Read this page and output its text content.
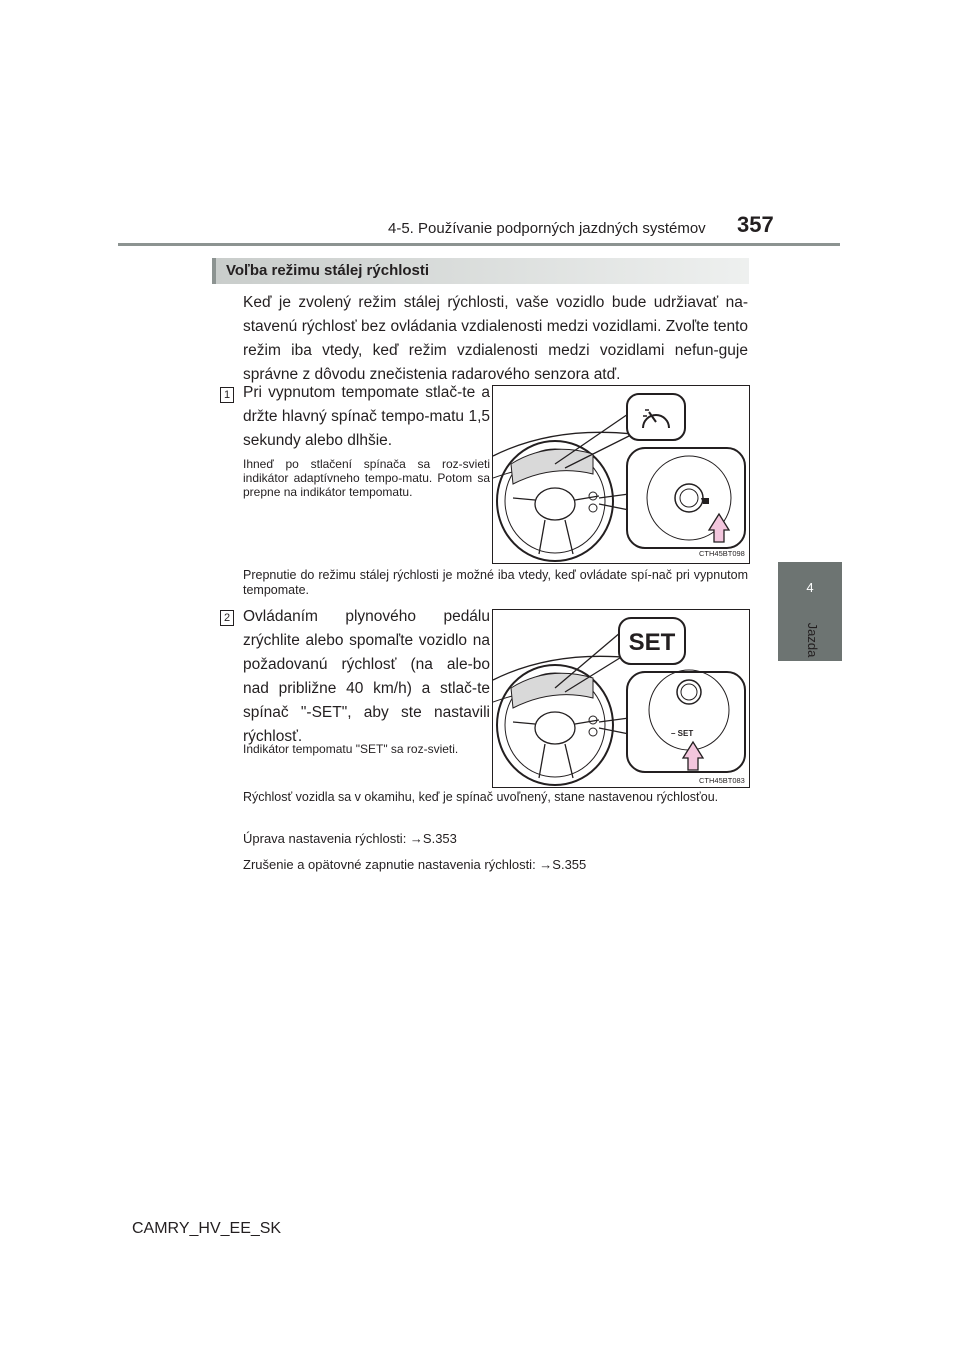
4-5. Používanie podporných jazdných systémov 357
4
Jazda
Voľba režimu stálej rýchlosti
Keď je zvolený režim stálej rýchlosti, vaše vozidlo bude udržiavať na-stavenú rýchlosť bez ovládania vzdialenosti medzi vozidlami. Zvoľte tento režim iba vtedy, keď režim vzdialenosti medzi vozidlami nefun-guje správne z dôvodu znečistenia radarového senzora atď.
1 Pri vypnutom tempomate stlač-te a držte hlavný spínač tempo-matu 1,5 sekundy alebo dlhšie.
Ihneď po stlačení spínača sa roz-svieti indikátor adaptívneho tempo-matu. Potom sa prepne na indikátor tempomatu.
CTH45BT098
Prepnutie do režimu stálej rýchlosti je možné iba vtedy, keď ovládate spí-nač pri vypnutom tempomate.
2 Ovládaním plynového pedálu zrýchlite alebo spomaľte vozidlo na požadovanú rýchlosť (na ale-bo nad približne 40 km/h) a stlač-te spínač "-SET", aby ste nastavili rýchlosť.
Indikátor tempomatu "SET" sa roz-svieti.
SET
– SET
CTH45BT083
Rýchlosť vozidla sa v okamihu, keď je spínač uvoľnený, stane nastavenou rýchlosťou.
Úprava nastavenia rýchlosti: →S.353
Zrušenie a opätovné zapnutie nastavenia rýchlosti: →S.355
CAMRY_HV_EE_SK
